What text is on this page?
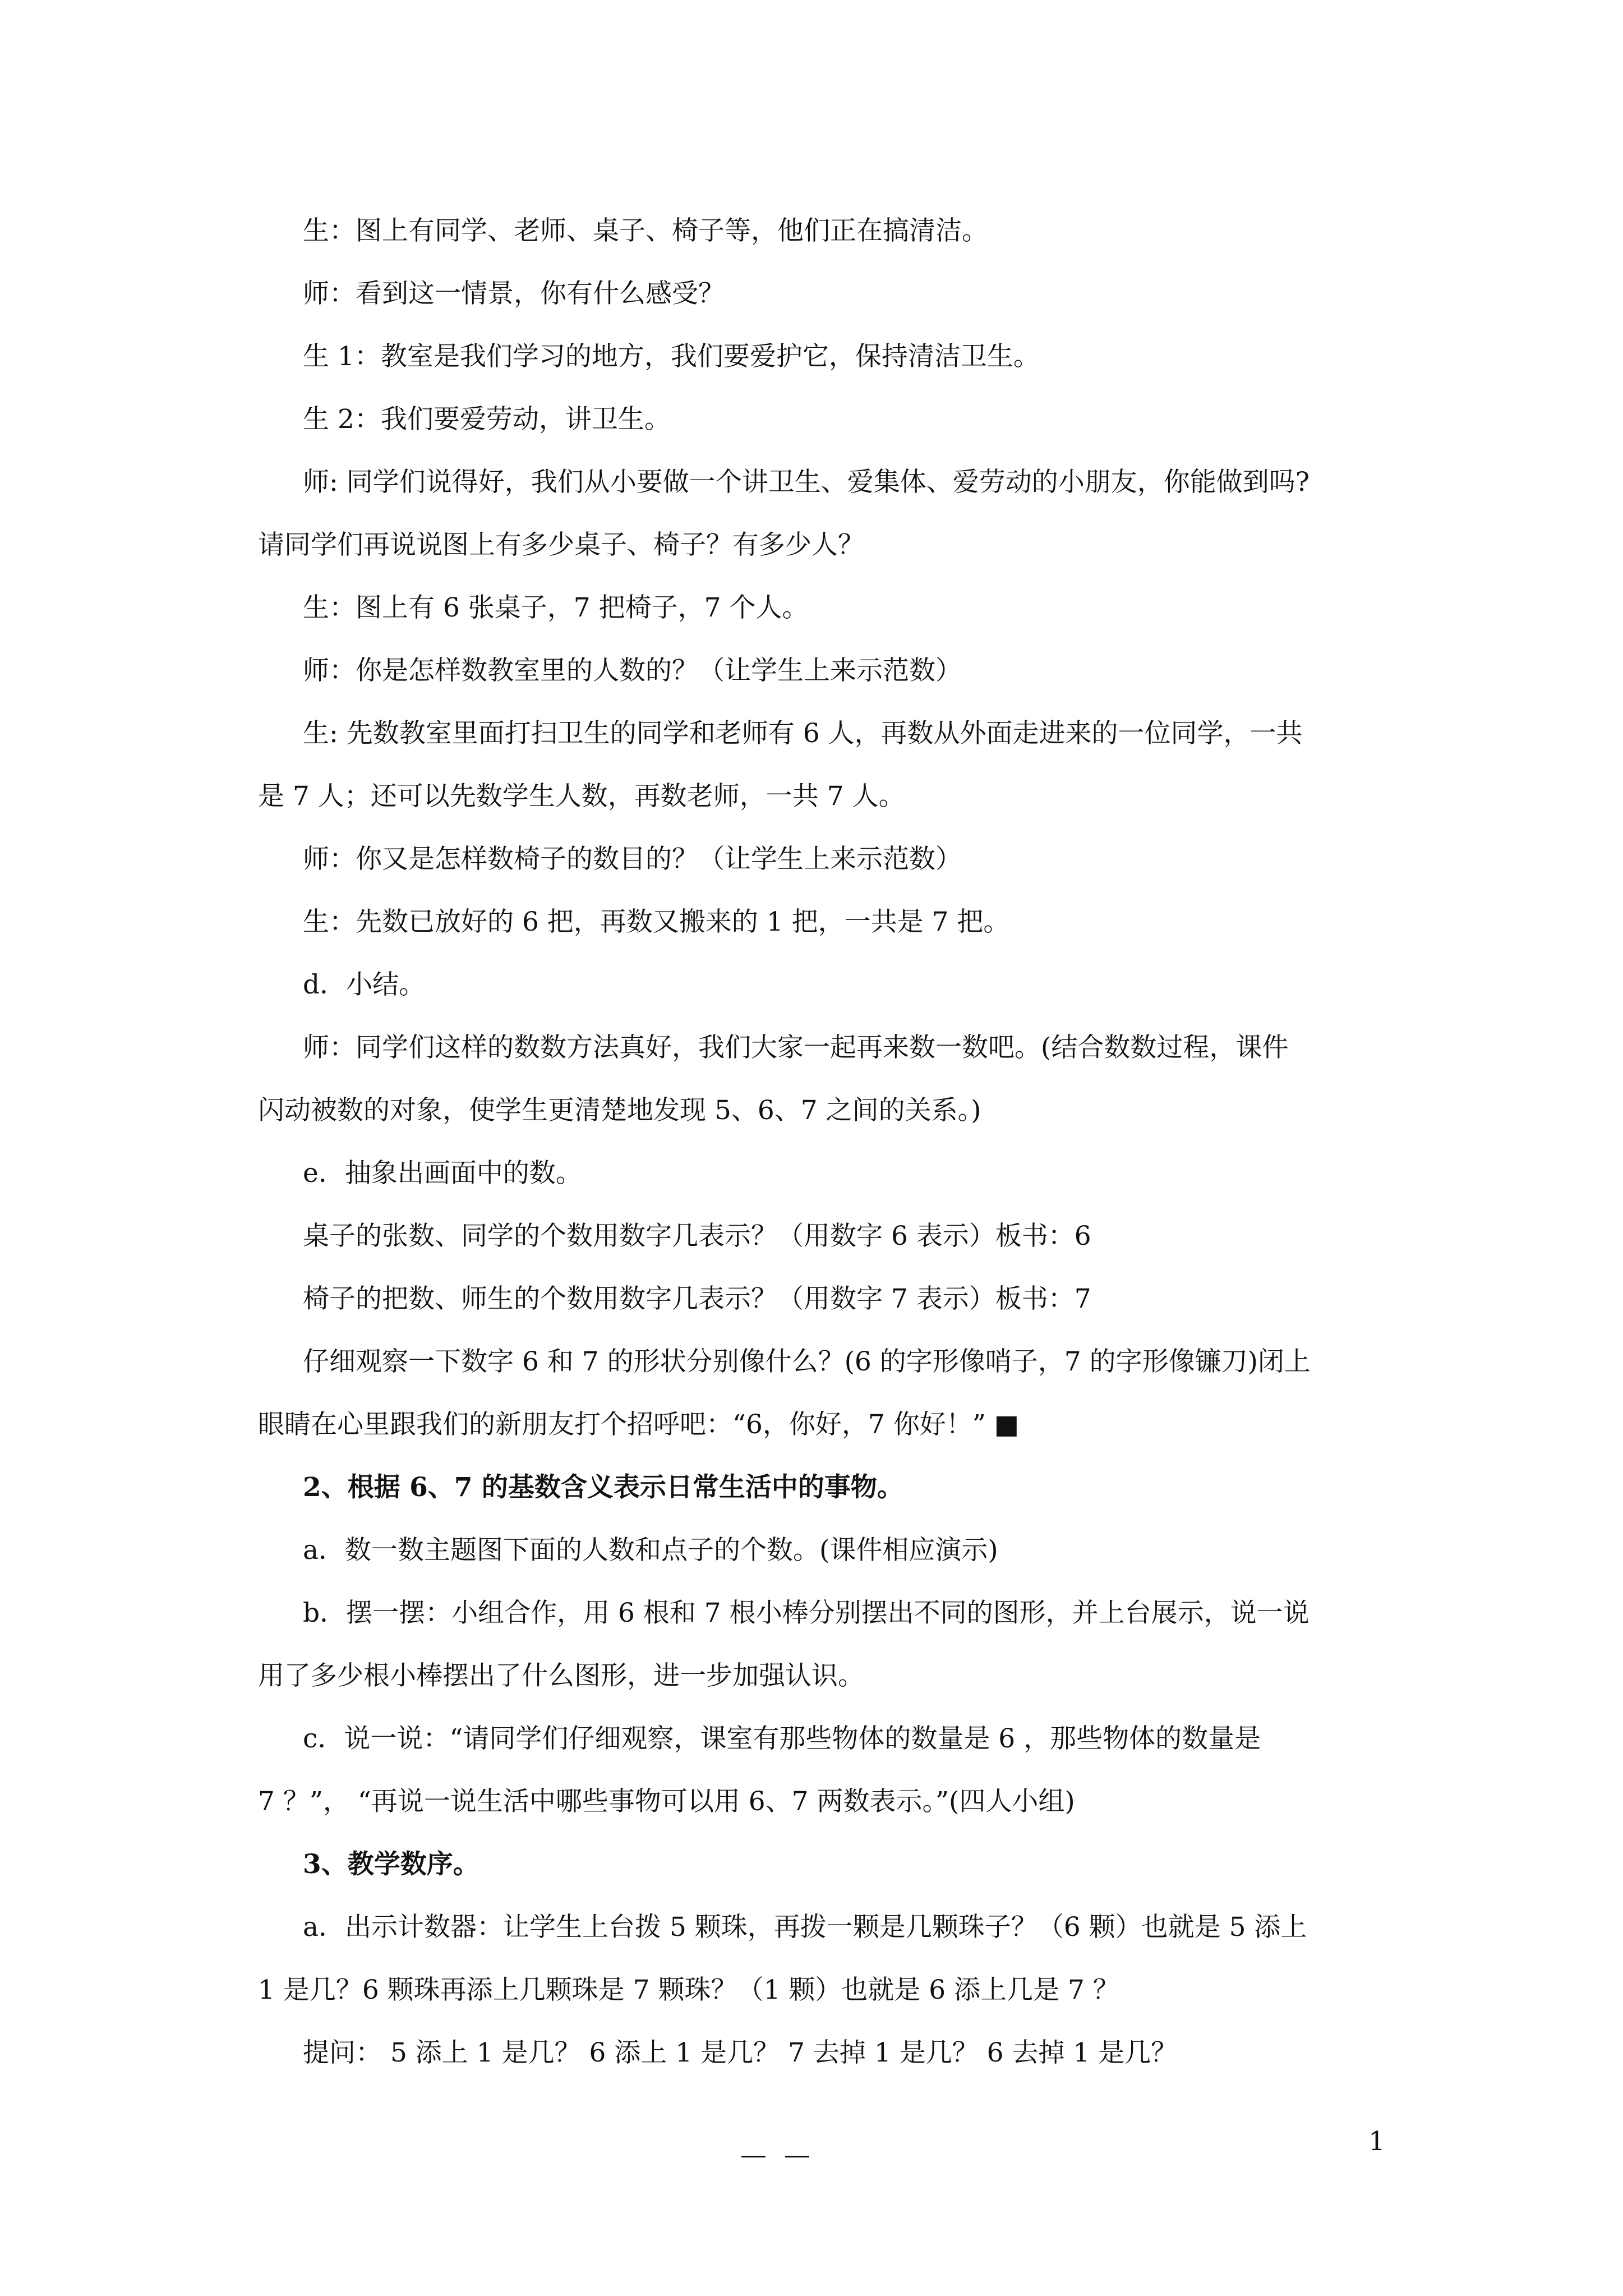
生：图上有同学、老师、桌子、椅子等，他们正在搞清洁。
师：看到这一情景，你有什么感受？
生 1：教室是我们学习的地方，我们要爱护它，保持清洁卫生。
生 2：我们要爱劳动，讲卫生。
师: 同学们说得好，我们从小要做一个讲卫生、爱集体、爱劳动的小朋友，你能做到吗?
请同学们再说说图上有多少桌子、椅子？有多少人？
生：图上有 6 张桌子，7 把椅子，7 个人。
师：你是怎样数教室里的人数的？（让学生上来示范数）
生: 先数教室里面打扫卫生的同学和老师有 6 人，再数从外面走进来的一位同学，一共
是 7 人；还可以先数学生人数，再数老师，一共 7 人。
师：你又是怎样数椅子的数目的？（让学生上来示范数）
生：先数已放好的 6 把，再数又搬来的 1 把，一共是 7 把。
d．小结。
师：同学们这样的数数方法真好，我们大家一起再来数一数吧。(结合数数过程，课件
闪动被数的对象，使学生更清楚地发现 5、6、7 之间的关系。)
e．抽象出画面中的数。
桌子的张数、同学的个数用数字几表示？（用数字 6 表示）板书：6
椅子的把数、师生的个数用数字几表示？（用数字 7 表示）板书：7
仔细观察一下数字 6 和 7 的形状分别像什么？(6 的字形像哨子，7 的字形像镰刀)闭上
眼睛在心里跟我们的新朋友打个招呼吧：“6，你好，7 你好！” ■
2、根据 6、7 的基数含义表示日常生活中的事物。
a．数一数主题图下面的人数和点子的个数。(课件相应演示)
b．摆一摆：小组合作，用 6 根和 7 根小棒分别摆出不同的图形，并上台展示，说一说
用了多少根小棒摆出了什么图形，进一步加强认识。
c．说一说：“请同学们仔细观察，课室有那些物体的数量是 6 ，那些物体的数量是
7 ？”， “再说一说生活中哪些事物可以用 6、7 两数表示。”(四人小组)
3、教学数序。
a．出示计数器：让学生上台拨 5 颗珠，再拨一颗是几颗珠子？（6 颗）也就是 5 添上
1 是几？6 颗珠再添上几颗珠是 7 颗珠？（1 颗）也就是 6 添上几是 7 ？
提问： 5 添上 1 是几？ 6 添上 1 是几？ 7 去掉 1 是几？ 6 去掉 1 是几？
— —	1
